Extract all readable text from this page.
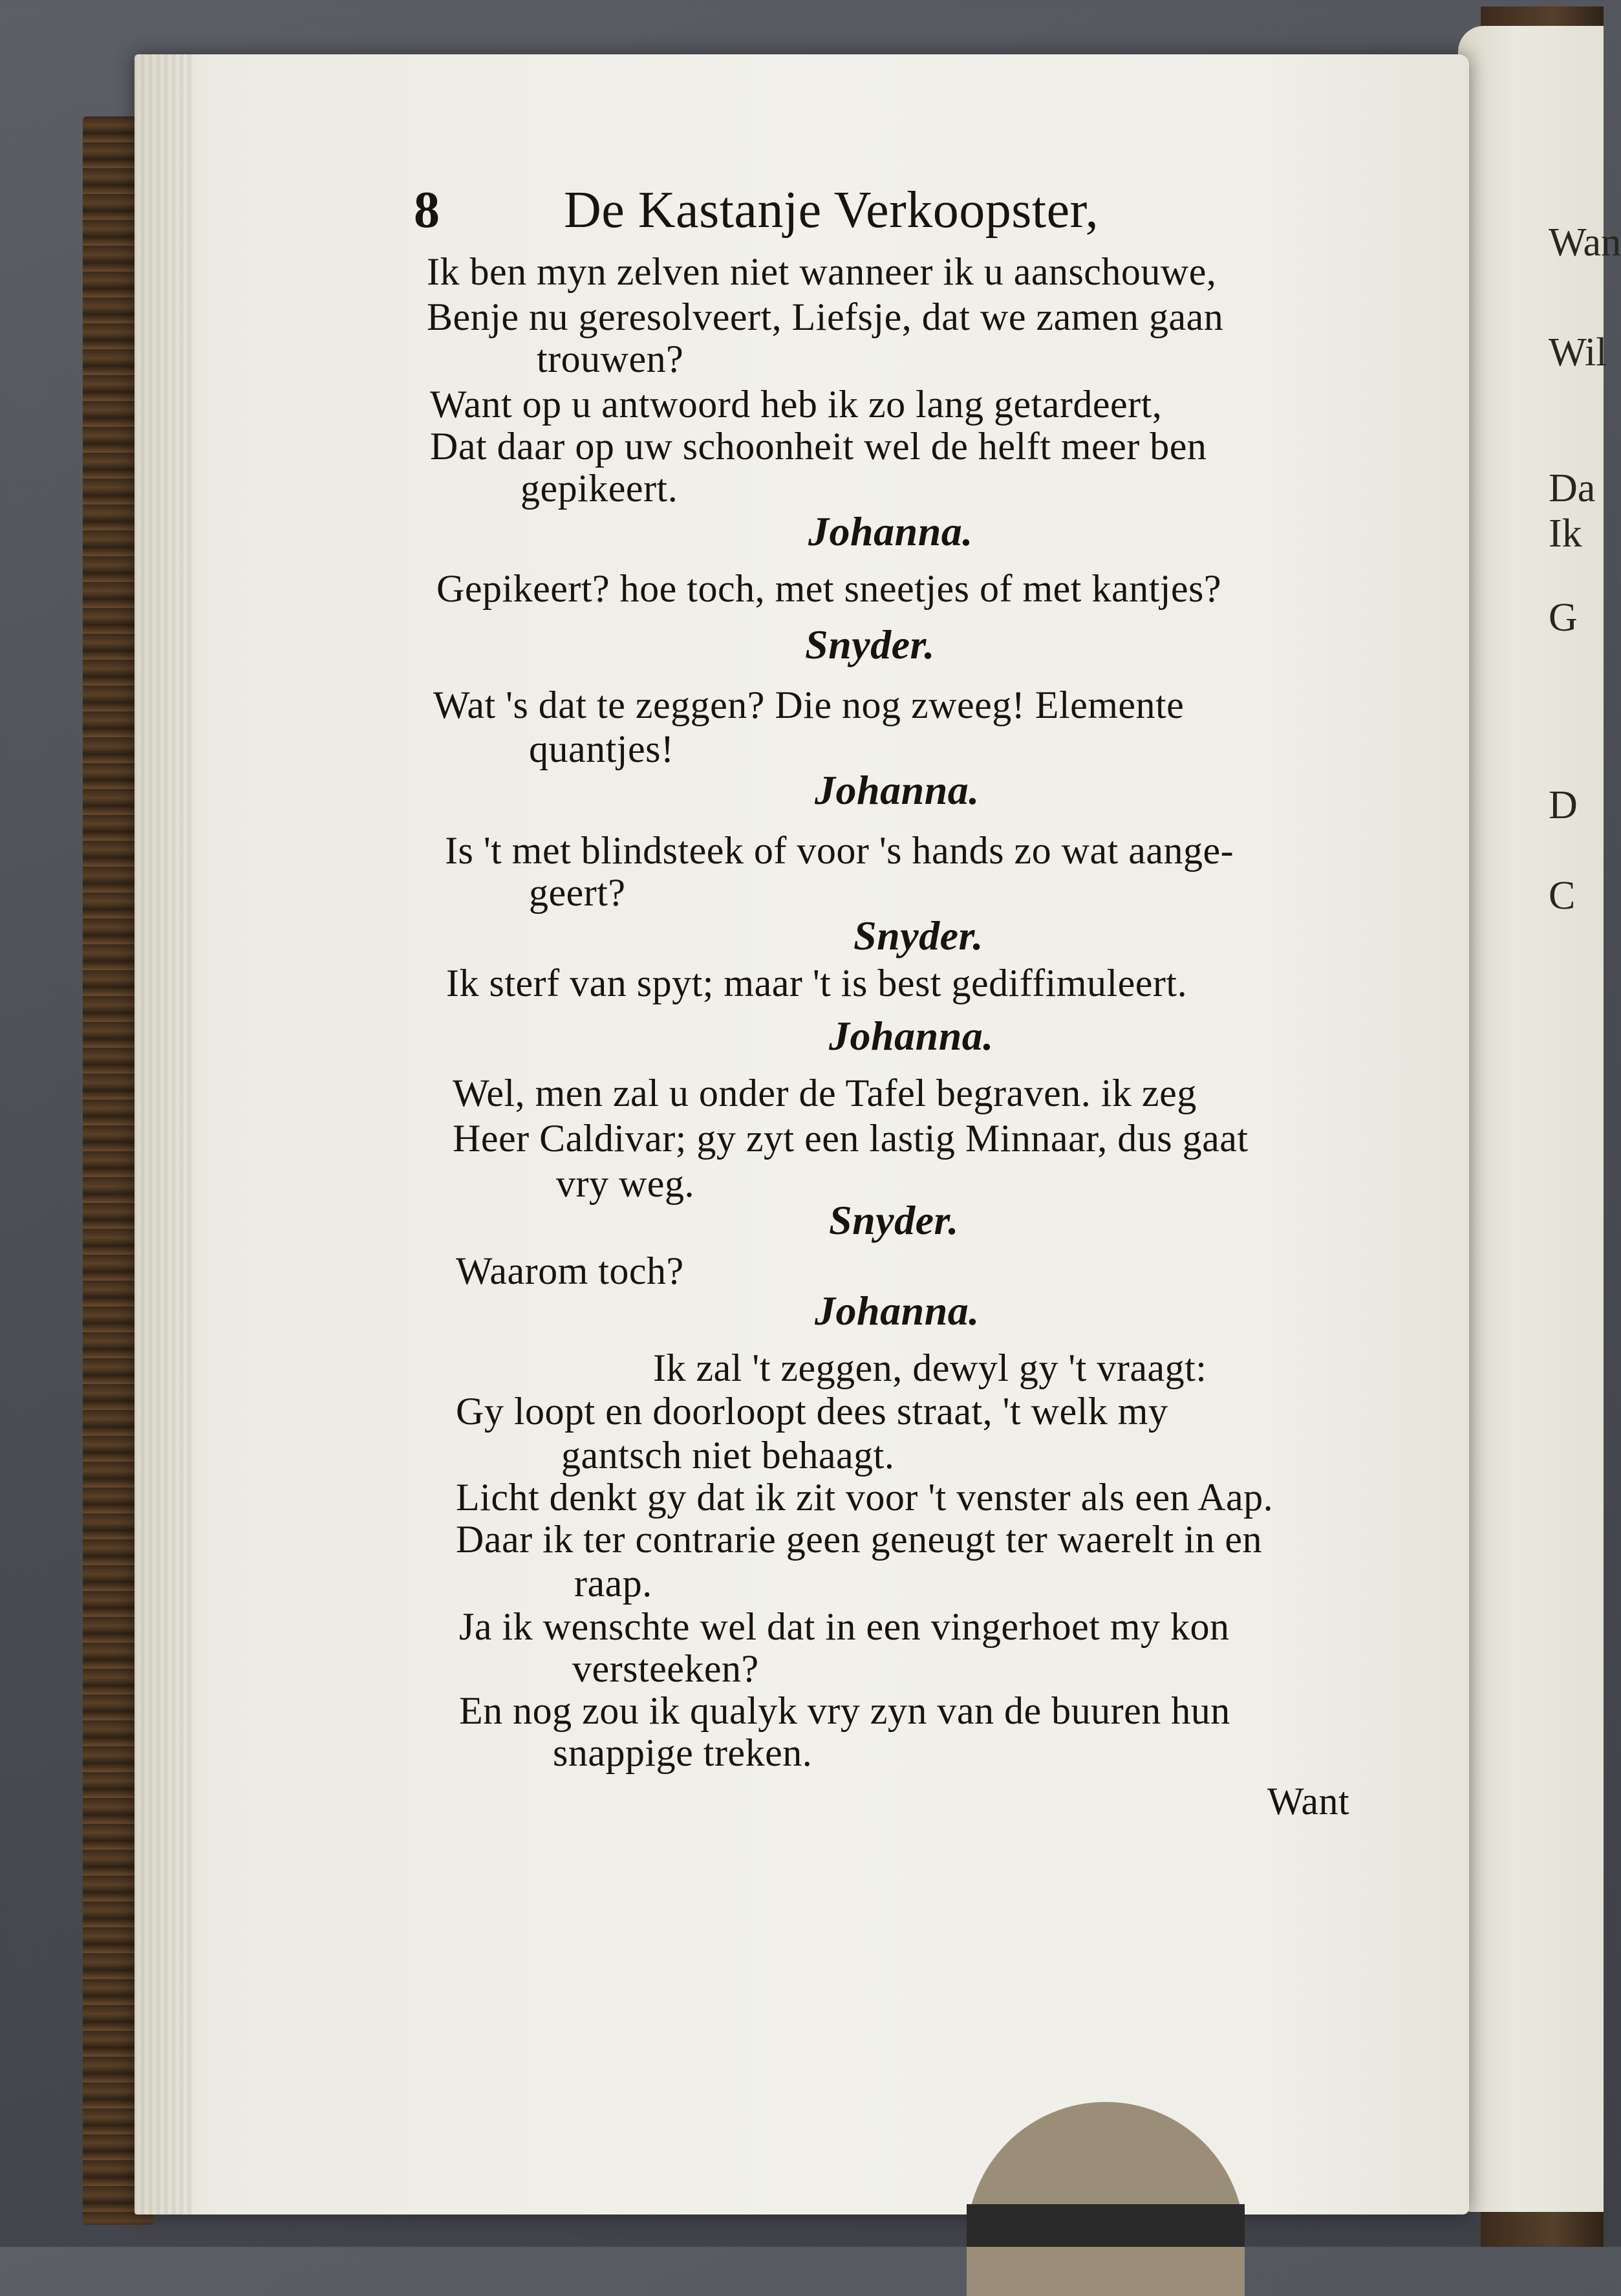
Wan
Wil
Da
Ik
G
D
C
8 De Kastanje Verkoopster,
Ik ben myn zelven niet wanneer ik u aanschouwe,
Benje nu geresolveert, Liefsje, dat we zamen gaan
trouwen?
Want op u antwoord heb ik zo lang getardeert,
Dat daar op uw schoonheit wel de helft meer ben
gepikeert.
Johanna.
Gepikeert? hoe toch, met sneetjes of met kantjes?
Snyder.
Wat 's dat te zeggen? Die nog zweeg! Elemente
quantjes!
Johanna.
Is 't met blindsteek of voor 's hands zo wat aange-
geert?
Snyder.
Ik sterf van spyt; maar 't is best gediffimuleert.
Johanna.
Wel, men zal u onder de Tafel begraven. ik zeg
Heer Caldivar; gy zyt een lastig Minnaar, dus gaat
vry weg.
Snyder.
Waarom toch?
Johanna.
Ik zal 't zeggen, dewyl gy 't vraagt:
Gy loopt en doorloopt dees straat, 't welk my
gantsch niet behaagt.
Licht denkt gy dat ik zit voor 't venster als een Aap.
Daar ik ter contrarie geen geneugt ter waerelt in en
raap.
Ja ik wenschte wel dat in een vingerhoet my kon
versteeken?
En nog zou ik qualyk vry zyn van de buuren hun
snappige treken.
Want
